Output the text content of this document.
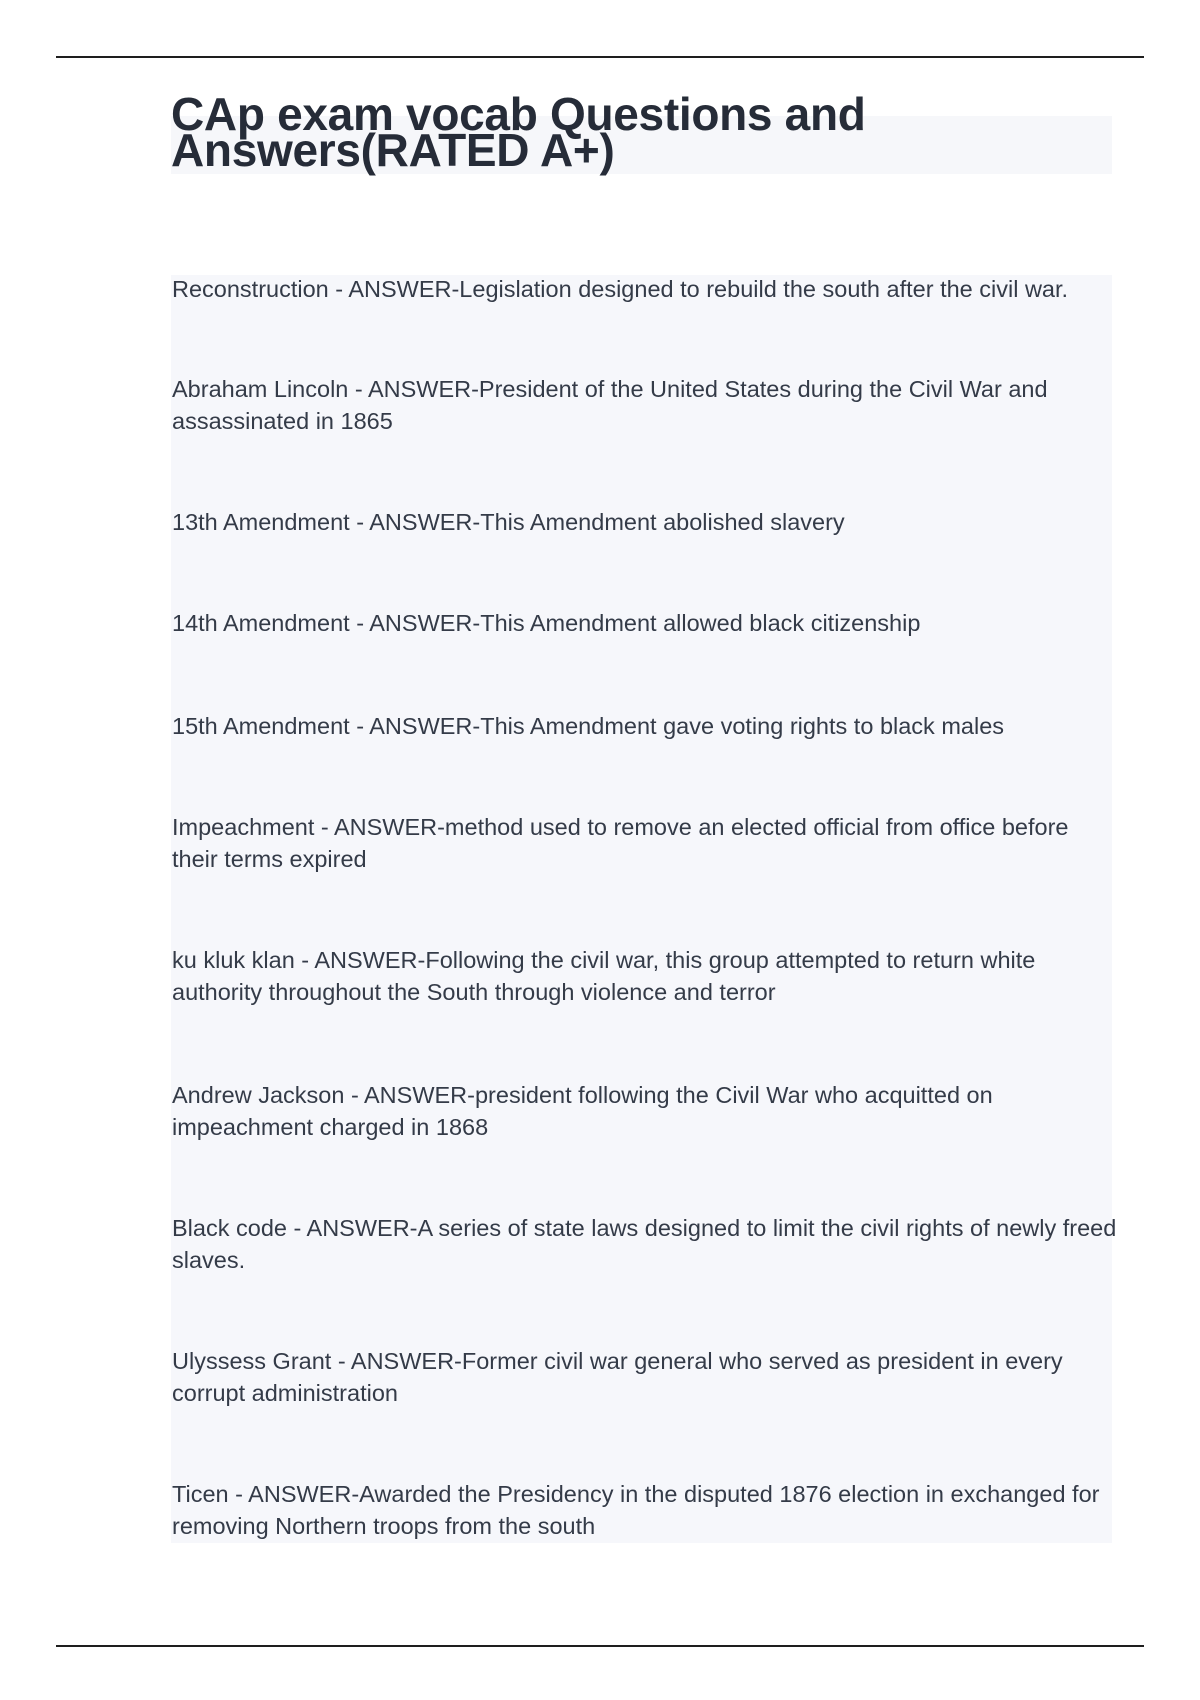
CAp exam vocab Questions and Answers(RATED A+)
Reconstruction - ANSWER-Legislation designed to rebuild the south after the civil war.
Abraham Lincoln - ANSWER-President of the United States during the Civil War and assassinated in 1865
13th Amendment - ANSWER-This Amendment abolished slavery
14th Amendment - ANSWER-This Amendment allowed black citizenship
15th Amendment - ANSWER-This Amendment gave voting rights to black males
Impeachment - ANSWER-method used to remove an elected official from office before their terms expired
ku kluk klan - ANSWER-Following the civil war, this group attempted to return white authority throughout the South through violence and terror
Andrew Jackson - ANSWER-president following the Civil War who acquitted on impeachment charged in 1868
Black code - ANSWER-A series of state laws designed to limit the civil rights of newly freed slaves.
Ulyssess Grant - ANSWER-Former civil war general who served as president in every corrupt administration
Ticen - ANSWER-Awarded the Presidency in the disputed 1876 election in exchanged for removing Northern troops from the south
